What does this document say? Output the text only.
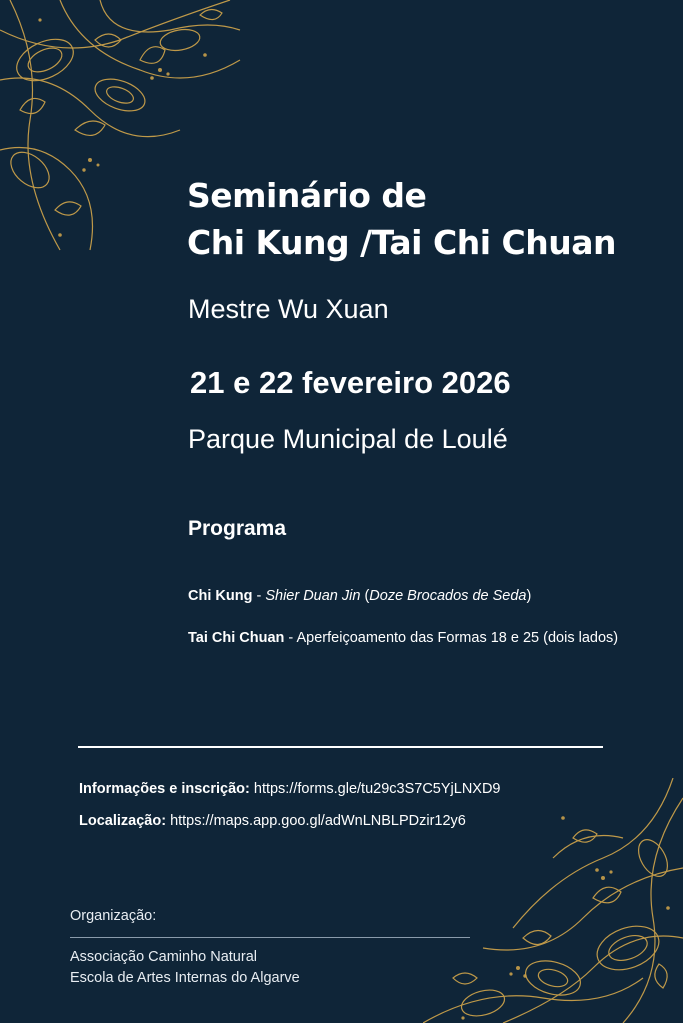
Seminário de
Chi Kung /Tai Chi Chuan
Mestre Wu Xuan
21 e 22 fevereiro 2026
Parque Municipal de Loulé
Programa
Chi Kung - Shier Duan Jin (Doze Brocados de Seda)
Tai Chi Chuan - Aperfeiçoamento das Formas 18 e 25 (dois lados)
Informações e inscrição: https://forms.gle/tu29c3S7C5YjLNXD9
Localização: https://maps.app.goo.gl/adWnLNBLPDzir12y6
Organização:
Associação Caminho Natural
Escola de Artes Internas do Algarve
